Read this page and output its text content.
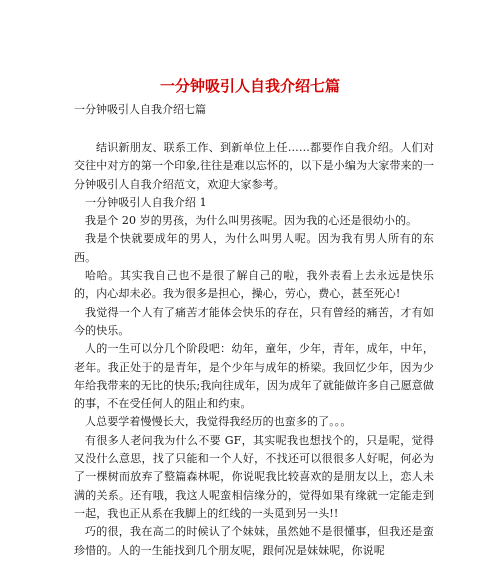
一分钟吸引人自我介绍七篇
一分钟吸引人自我介绍七篇

结识新朋友、联系工作、到新单位上任……都要作自我介绍。人们对交往中对方的第一个印象,往往是难以忘怀的，以下是小编为大家带来的一分钟吸引人自我介绍范文，欢迎大家参考。

一分钟吸引人自我介绍 1

我是个 20 岁的男孩，为什么叫男孩呢。因为我的心还是很幼小的。

我是个快就要成年的男人，为什么叫男人呢。因为我有男人所有的东西。

哈哈。其实我自己也不是很了解自己的啦，我外表看上去永远是快乐的，内心却未必。我为很多是担心，操心，劳心，费心，甚至死心!

我觉得一个人有了痛苦才能体会快乐的存在，只有曾经的痛苦，才有如今的快乐。

人的一生可以分几个阶段吧：幼年，童年，少年，青年，成年，中年，老年。我正处于的是青年，是个少年与成年的桥梁。我回忆少年，因为少年给我带来的无比的快乐;我向往成年，因为成年了就能做许多自己愿意做的事，不在受任何人的阻止和约束。

人总要学着慢慢长大，我觉得我经历的也蛮多的了。。。

有很多人老问我为什么不要 GF，其实呢我也想找个的，只是呢，觉得又没什么意思，找了只能和一个人好，不找还可以很很多人好呢，何必为了一棵树而放弃了整篇森林呢，你说呢我比较喜欢的是朋友以上，恋人未满的关系。还有哦，我这人呢蛮相信缘分的，觉得如果有缘就一定能走到一起，我也正从系在我脚上的红线的一头觅到另一头!!

巧的很，我在高二的时候认了个妹妹，虽然她不是很懂事，但我还是蛮珍惜的。人的一生能找到几个朋友呢，跟何况是妹妹呢，你说呢
